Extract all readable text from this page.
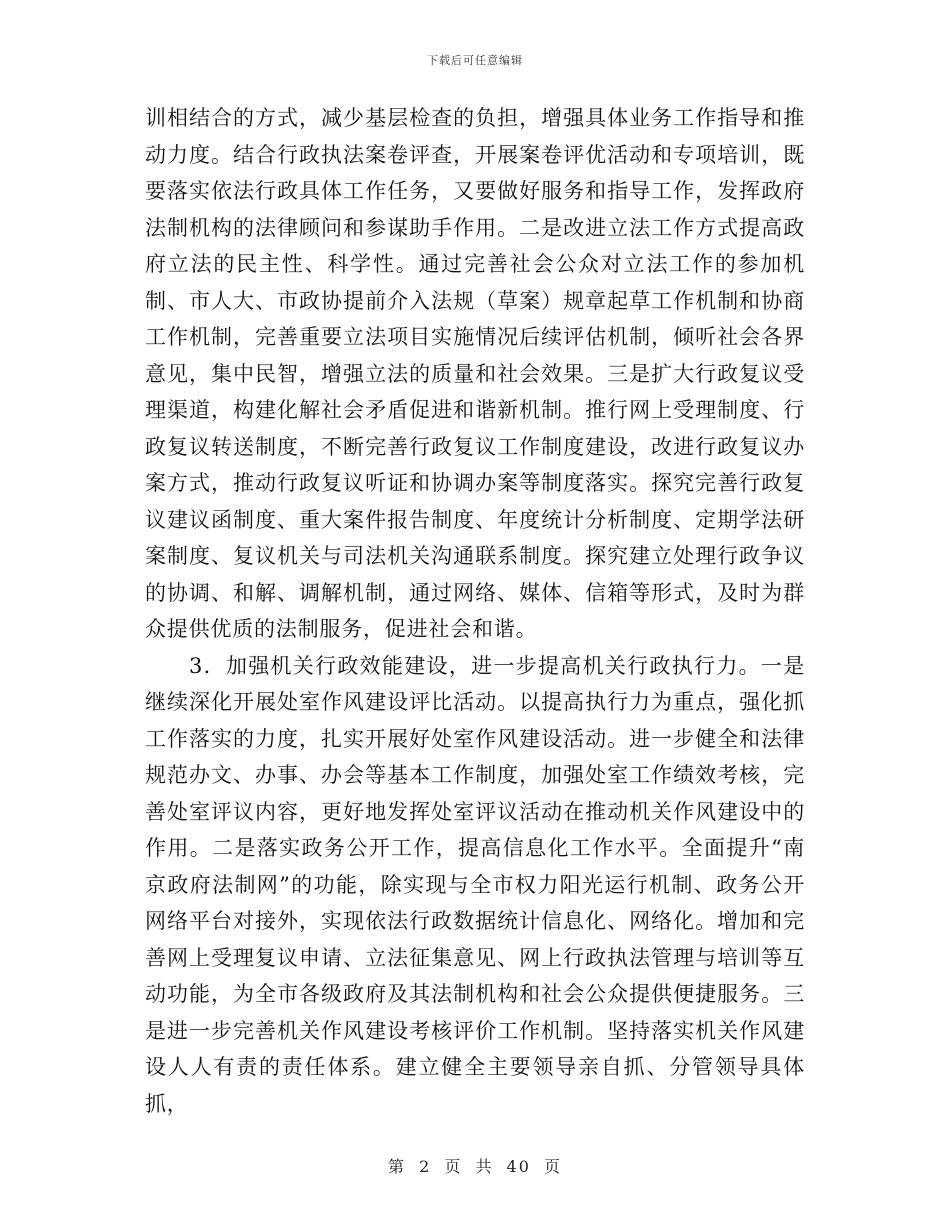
下载后可任意编辑

训相结合的方式，减少基层检查的负担，增强具体业务工作指导和推动力度。结合行政执法案卷评查，开展案卷评优活动和专项培训，既要落实依法行政具体工作任务，又要做好服务和指导工作，发挥政府法制机构的法律顾问和参谋助手作用。二是改进立法工作方式提高政府立法的民主性、科学性。通过完善社会公众对立法工作的参加机制、市人大、市政协提前介入法规（草案）规章起草工作机制和协商工作机制，完善重要立法项目实施情况后续评估机制，倾听社会各界意见，集中民智，增强立法的质量和社会效果。三是扩大行政复议受理渠道，构建化解社会矛盾促进和谐新机制。推行网上受理制度、行政复议转送制度，不断完善行政复议工作制度建设，改进行政复议办案方式，推动行政复议听证和协调办案等制度落实。探究完善行政复议建议函制度、重大案件报告制度、年度统计分析制度、定期学法研案制度、复议机关与司法机关沟通联系制度。探究建立处理行政争议的协调、和解、调解机制，通过网络、媒体、信箱等形式，及时为群众提供优质的法制服务，促进社会和谐。

3．加强机关行政效能建设，进一步提高机关行政执行力。一是继续深化开展处室作风建设评比活动。以提高执行力为重点，强化抓工作落实的力度，扎实开展好处室作风建设活动。进一步健全和法律规范办文、办事、办会等基本工作制度，加强处室工作绩效考核，完善处室评议内容，更好地发挥处室评议活动在推动机关作风建设中的作用。二是落实政务公开工作，提高信息化工作水平。全面提升“南京政府法制网”的功能，除实现与全市权力阳光运行机制、政务公开网络平台对接外，实现依法行政数据统计信息化、网络化。增加和完善网上受理复议申请、立法征集意见、网上行政执法管理与培训等互动功能，为全市各级政府及其法制机构和社会公众提供便捷服务。三是进一步完善机关作风建设考核评价工作机制。坚持落实机关作风建设人人有责的责任体系。建立健全主要领导亲自抓、分管领导具体抓，

第 2 页 共 40 页
